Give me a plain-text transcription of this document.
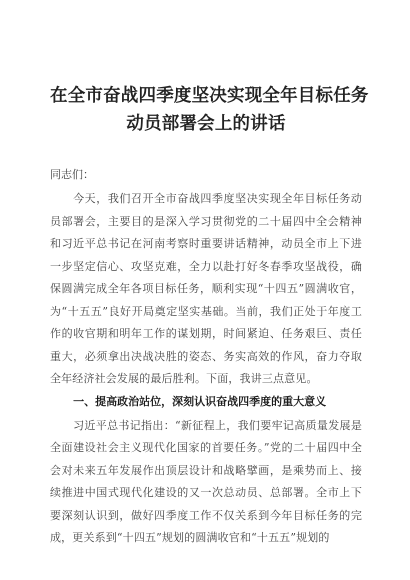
在全市奋战四季度坚决实现全年目标任务
动员部署会上的讲话
同志们：

今天，我们召开全市奋战四季度坚决实现全年目标任务动员部署会，主要目的是深入学习贯彻党的二十届四中全会精神和习近平总书记在河南考察时重要讲话精神，动员全市上下进一步坚定信心、攻坚克难，全力以赴打好冬春季攻坚战役，确保圆满完成全年各项目标任务，顺利实现“十四五”圆满收官，为“十五五”良好开局奠定坚实基础。当前，我们正处于年度工作的收官期和明年工作的谋划期，时间紧迫、任务艰巨、责任重大，必须拿出决战决胜的姿态、务实高效的作风，奋力夺取全年经济社会发展的最后胜利。下面，我讲三点意见。

一、提高政治站位，深刻认识奋战四季度的重大意义

习近平总书记指出：“新征程上，我们要牢记高质量发展是全面建设社会主义现代化国家的首要任务。”党的二十届四中全会对未来五年发展作出顶层设计和战略擘画，是乘势而上、接续推进中国式现代化建设的又一次总动员、总部署。全市上下要深刻认识到，做好四季度工作不仅关系到今年目标任务的完成，更关系到“十四五”规划的圆满收官和“十五五”规划的
